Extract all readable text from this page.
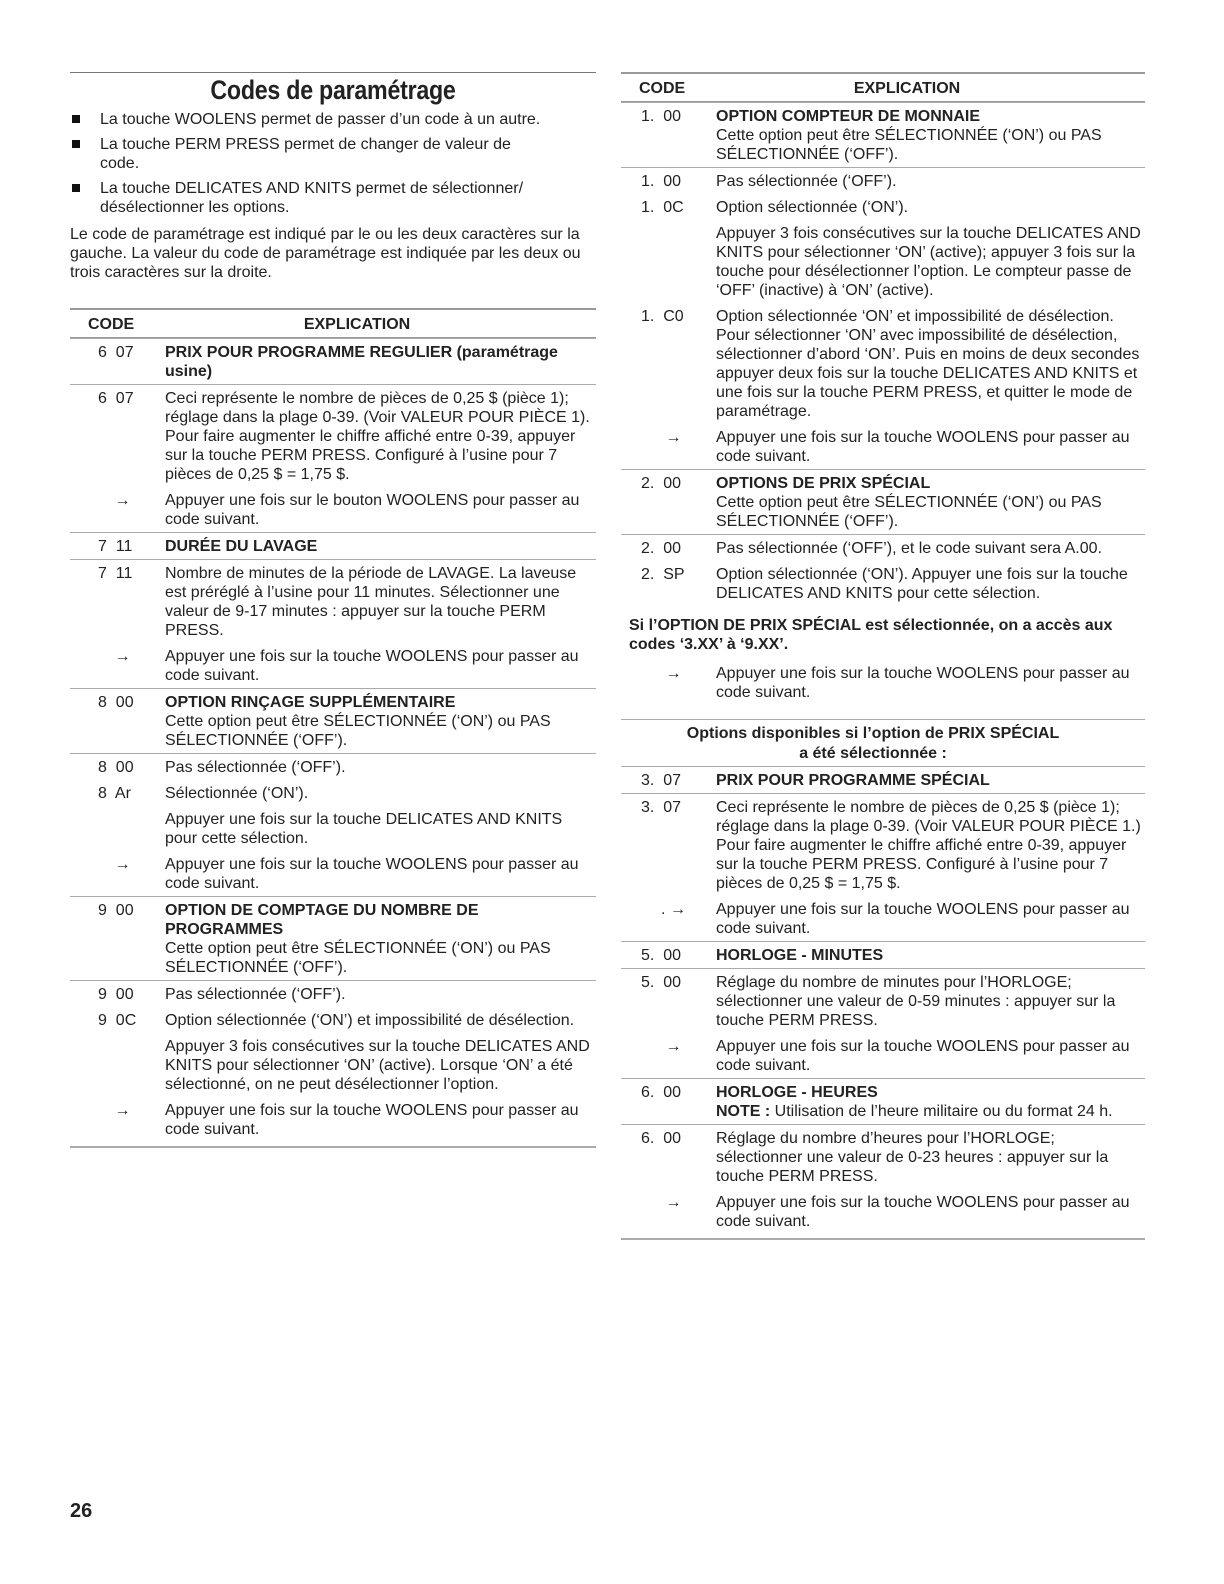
Codes de paramétrage
La touche WOOLENS permet de passer d’un code à un autre.
La touche PERM PRESS permet de changer de valeur de code.
La touche DELICATES AND KNITS permet de sélectionner/ désélectionner les options.
Le code de paramétrage est indiqué par le ou les deux caractères sur la gauche. La valeur du code de paramétrage est indiquée par les deux ou trois caractères sur la droite.
CODE	EXPLICATION
6  07	PRIX POUR PROGRAMME REGULIER (paramétrage usine)
6  07	Ceci représente le nombre de pièces de 0,25 $ (pièce 1); réglage dans la plage 0-39. (Voir VALEUR POUR PIÈCE 1). Pour faire augmenter le chiffre affiché entre 0-39, appuyer sur la touche PERM PRESS. Configuré à l’usine pour 7 pièces de 0,25 $ = 1,75 $.
→	Appuyer une fois sur le bouton WOOLENS pour passer au code suivant.
7  11	DURÉE DU LAVAGE
7  11	Nombre de minutes de la période de LAVAGE. La laveuse est préréglé à l’usine pour 11 minutes. Sélectionner une valeur de 9-17 minutes : appuyer sur la touche PERM PRESS.
→	Appuyer une fois sur la touche WOOLENS pour passer au code suivant.
8  00	OPTION RINÇAGE SUPPLÉMENTAIRE
Cette option peut être SÉLECTIONNÉE (‘ON’) ou PAS SÉLECTIONNÉE (‘OFF’).
8  00	Pas sélectionnée (‘OFF’).
8  Ar	Sélectionnée (‘ON’).
Appuyer une fois sur la touche DELICATES AND KNITS pour cette sélection.
→	Appuyer une fois sur la touche WOOLENS pour passer au code suivant.
9  00	OPTION DE COMPTAGE DU NOMBRE DE PROGRAMMES
Cette option peut être SÉLECTIONNÉE (‘ON’) ou PAS SÉLECTIONNÉE (‘OFF’).
9  00	Pas sélectionnée (‘OFF’).
9  0C	Option sélectionnée (‘ON’) et impossibilité de désélection.
Appuyer 3 fois consécutives sur la touche DELICATES AND KNITS pour sélectionner ‘ON’ (active). Lorsque ‘ON’ a été sélectionné, on ne peut désélectionner l’option.
→	Appuyer une fois sur la touche WOOLENS pour passer au code suivant.
CODE	EXPLICATION
1.  00	OPTION COMPTEUR DE MONNAIE
Cette option peut être SÉLECTIONNÉE (‘ON’) ou PAS SÉLECTIONNÉE (‘OFF’).
1.  00	Pas sélectionnée (‘OFF’).
1.  0C	Option sélectionnée (‘ON’).
Appuyer 3 fois consécutives sur la touche DELICATES AND KNITS pour sélectionner ‘ON’ (active); appuyer 3 fois sur la touche pour désélectionner l’option. Le compteur passe de ‘OFF’ (inactive) à ‘ON’ (active).
1.  C0	Option sélectionnée ‘ON’ et impossibilité de désélection. Pour sélectionner ‘ON’ avec impossibilité de désélection, sélectionner d’abord ‘ON’. Puis en moins de deux secondes appuyer deux fois sur la touche DELICATES AND KNITS et une fois sur la touche PERM PRESS, et quitter le mode de paramétrage.
→	Appuyer une fois sur la touche WOOLENS pour passer au code suivant.
2.  00	OPTIONS DE PRIX SPÉCIAL
Cette option peut être SÉLECTIONNÉE (‘ON’) ou PAS SÉLECTIONNÉE (‘OFF’).
2.  00	Pas sélectionnée (‘OFF’), et le code suivant sera A.00.
2.  SP	Option sélectionnée (‘ON’). Appuyer une fois sur la touche DELICATES AND KNITS pour cette sélection.
Si l’OPTION DE PRIX SPÉCIAL est sélectionnée, on a accès aux codes ‘3.XX’ à ‘9.XX’.
→	Appuyer une fois sur la touche WOOLENS pour passer au code suivant.
Options disponibles si l’option de PRIX SPÉCIAL a été sélectionnée :
3.  07	PRIX POUR PROGRAMME SPÉCIAL
3.  07	Ceci représente le nombre de pièces de 0,25 $ (pièce 1); réglage dans la plage 0-39. (Voir VALEUR POUR PIÈCE 1.) Pour faire augmenter le chiffre affiché entre 0-39, appuyer sur la touche PERM PRESS. Configuré à l’usine pour 7 pièces de 0,25 $ = 1,75 $.
. →	Appuyer une fois sur la touche WOOLENS pour passer au code suivant.
5.  00	HORLOGE - MINUTES
5.  00	Réglage du nombre de minutes pour l’HORLOGE; sélectionner une valeur de 0-59 minutes : appuyer sur la touche PERM PRESS.
→	Appuyer une fois sur la touche WOOLENS pour passer au code suivant.
6.  00	HORLOGE - HEURES
NOTE : Utilisation de l’heure militaire ou du format 24 h.
6.  00	Réglage du nombre d’heures pour l’HORLOGE; sélectionner une valeur de 0-23 heures : appuyer sur la touche PERM PRESS.
→	Appuyer une fois sur la touche WOOLENS pour passer au code suivant.
26
